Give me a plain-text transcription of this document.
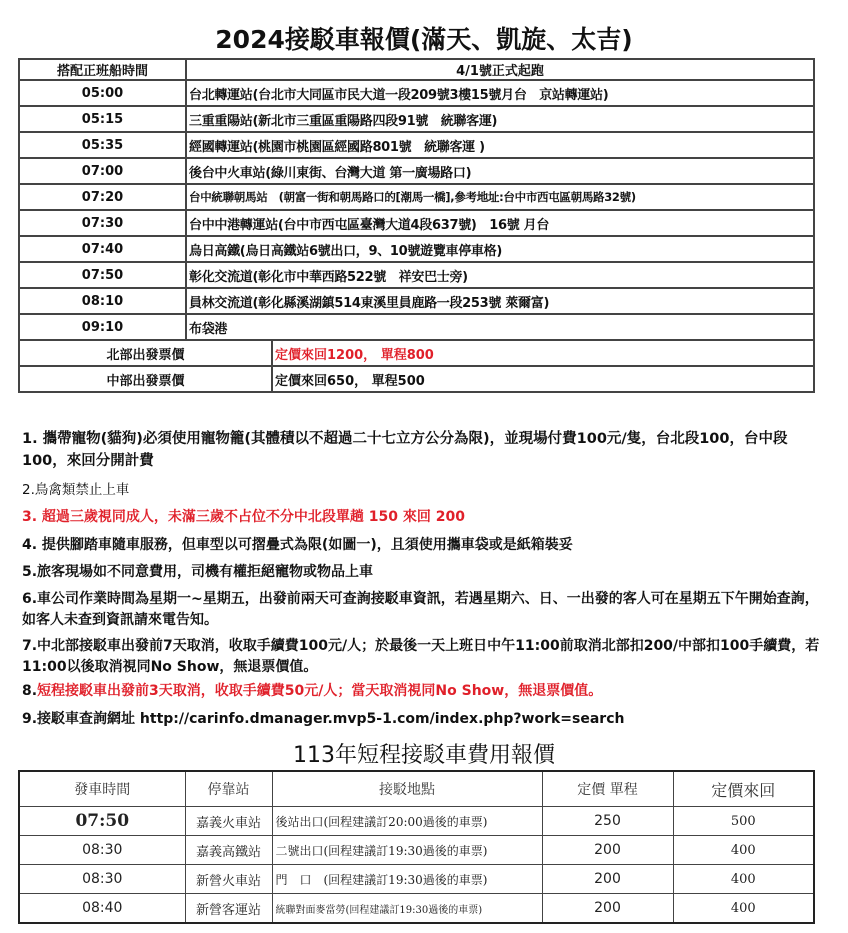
2024接駁車報價(滿天、凱旋、太吉)
搭配正班船時間	4/1號正式起跑	
05:00	台北轉運站(台北市大同區市民大道一段209號3樓15號月台　京站轉運站)	
05:15	三重重陽站(新北市三重區重陽路四段91號　統聯客運)	
05:35	經國轉運站(桃園市桃園區經國路801號　統聯客運 )	
07:00	後台中火車站(綠川東街、台灣大道 第一廣場路口)	
07:20	台中統聯朝馬站　(朝富一街和朝馬路口的[潮馬一橋],參考地址:台中市西屯區朝馬路32號)	
07:30	台中中港轉運站(台中市西屯區臺灣大道4段637號)　16號 月台	
07:40	烏日高鐵(烏日高鐵站6號出口，9、10號遊覽車停車格)	
07:50	彰化交流道(彰化市中華西路522號　祥安巴士旁)	
08:10	員林交流道(彰化縣溪湖鎮514東溪里員鹿路一段253號 萊爾富)	
09:10	布袋港	
北部出發票價		定價來回1200， 單程800
中部出發票價		定價來回650， 單程500
1. 攜帶寵物(貓狗)必須使用寵物籠(其體積以不超過二十七立方公分為限)，並現場付費100元/隻，台北段100，台中段100，來回分開計費
2.鳥禽類禁止上車
3. 超過三歲視同成人，未滿三歲不占位不分中北段單趟 150 來回 200
4. 提供腳踏車隨車服務，但車型以可摺疊式為限(如圖一)，且須使用攜車袋或是紙箱裝妥
5.旅客現場如不同意費用，司機有權拒絕寵物或物品上車
6.車公司作業時間為星期一~星期五，出發前兩天可查詢接駁車資訊，若遇星期六、日、一出發的客人可在星期五下午開始查詢，如客人未查到資訊請來電告知。
7.中北部接駁車出發前7天取消，收取手續費100元/人；於最後一天上班日中午11:00前取消北部扣200/中部扣100手續費，若11:00以後取消視同No Show，無退票價值。
8.短程接駁車出發前3天取消，收取手續費50元/人；當天取消視同No Show，無退票價值。
9.接駁車查詢網址 http://carinfo.dmanager.mvp5-1.com/index.php?work=search
113年短程接駁車費用報價
發車時間	停靠站	接駁地點	定價 單程	定價來回
07:50	嘉義火車站	後站出口(回程建議訂20:00過後的車票)	250	500
08:30	嘉義高鐵站	二號出口(回程建議訂19:30過後的車票)	200	400
08:30	新營火車站	門　口　(回程建議訂19:30過後的車票)	200	400
08:40	新營客運站	統聯對面麥當勞(回程建議訂19:30過後的車票)	200	400
